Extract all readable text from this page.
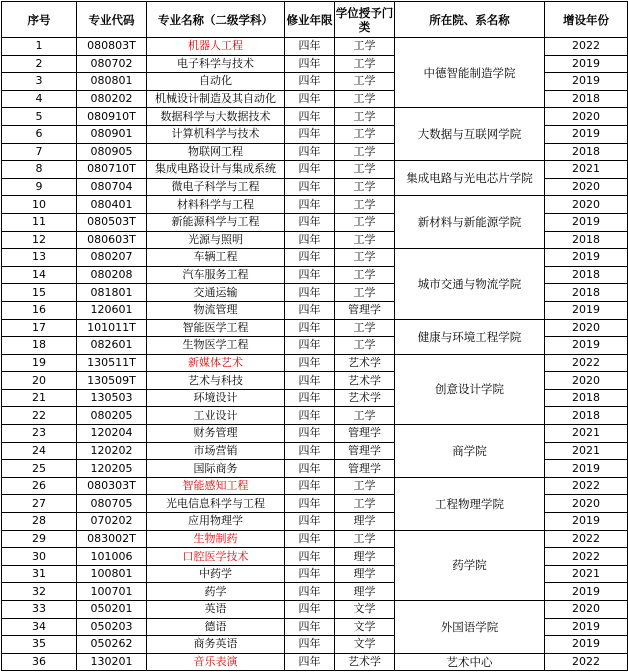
序号	专业代码	专业名称（二级学科）	修业年限	学位授予门类	所在院、系名称	增设年份
1	080803T	机器人工程	四年	工学	中德智能制造学院	2022
2	080702	电子科学与技术	四年	工学		2019
3	080801	自动化	四年	工学		2019
4	080202	机械设计制造及其自动化	四年	工学		2018
5	080910T	数据科学与大数据技术	四年	工学	大数据与互联网学院	2020
6	080901	计算机科学与技术	四年	工学		2019
7	080905	物联网工程	四年	工学		2018
8	080710T	集成电路设计与集成系统	四年	工学	集成电路与光电芯片学院	2021
9	080704	微电子科学与工程	四年	工学		2020
10	080401	材料科学与工程	四年	工学	新材料与新能源学院	2020
11	080503T	新能源科学与工程	四年	工学		2019
12	080603T	光源与照明	四年	工学		2018
13	080207	车辆工程	四年	工学	城市交通与物流学院	2019
14	080208	汽车服务工程	四年	工学		2018
15	081801	交通运输	四年	工学		2018
16	120601	物流管理	四年	管理学		2019
17	101011T	智能医学工程	四年	工学	健康与环境工程学院	2020
18	082601	生物医学工程	四年	工学		2019
19	130511T	新媒体艺术	四年	艺术学	创意设计学院	2022
20	130509T	艺术与科技	四年	艺术学		2020
21	130503	环境设计	四年	艺术学		2018
22	080205	工业设计	四年	工学		2018
23	120204	财务管理	四年	管理学	商学院	2021
24	120202	市场营销	四年	管理学		2021
25	120205	国际商务	四年	管理学		2019
26	080303T	智能感知工程	四年	工学	工程物理学院	2022
27	080705	光电信息科学与工程	四年	工学		2020
28	070202	应用物理学	四年	理学		2019
29	083002T	生物制药	四年	工学	药学院	2022
30	101006	口腔医学技术	四年	理学		2022
31	100801	中药学	四年	理学		2021
32	100701	药学	四年	理学		2019
33	050201	英语	四年	文学	外国语学院	2020
34	050203	德语	四年	文学		2019
35	050262	商务英语	四年	文学		2019
36	130201	音乐表演	四年	艺术学	艺术中心	2022
